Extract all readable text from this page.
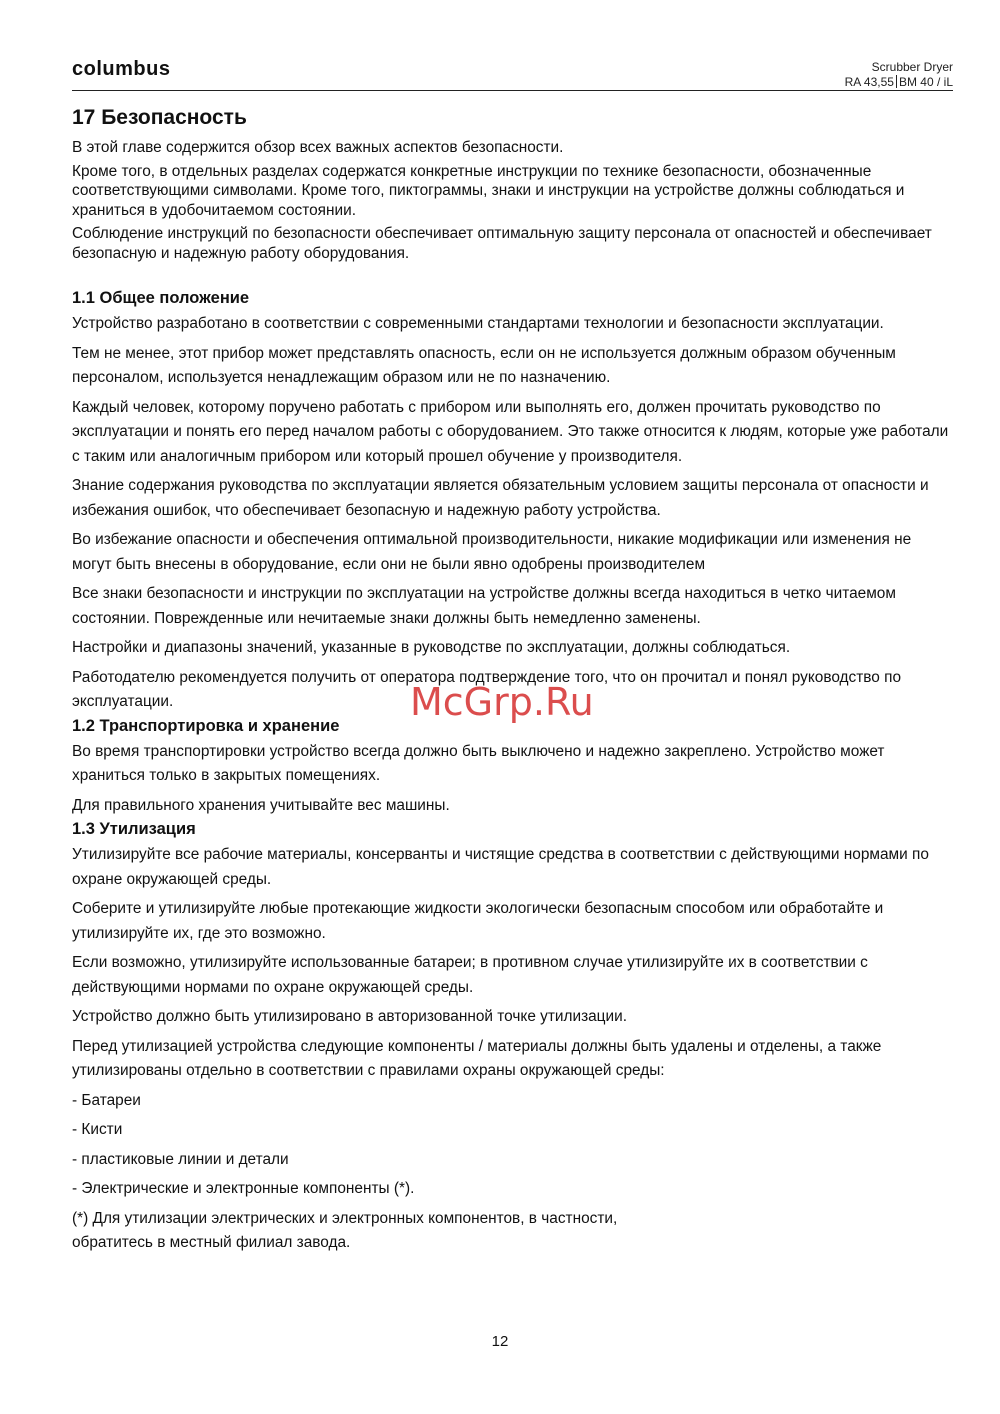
columbus	Scrubber Dryer
RA 43,55 BM 40 / iL
17 Безопасность

В этой главе содержится обзор всех важных аспектов безопасности.

Кроме того, в отдельных разделах содержатся конкретные инструкции по технике безопасности, обозначенные соответствующими символами. Кроме того, пиктограммы, знаки и инструкции на устройстве должны соблюдаться и храниться в удобочитаемом состоянии.

Соблюдение инструкций по безопасности обеспечивает оптимальную защиту персонала от опасностей и обеспечивает безопасную и надежную работу оборудования.

1.1 Общее положение

Устройство разработано в соответствии с современными стандартами технологии и безопасности эксплуатации.

Тем не менее, этот прибор может представлять опасность, если он не используется должным образом обученным персоналом, используется ненадлежащим образом или не по назначению.

Каждый человек, которому поручено работать с прибором или выполнять его, должен прочитать руководство по эксплуатации и понять его перед началом работы с оборудованием. Это также относится к людям, которые уже работали с таким или аналогичным прибором или который прошел обучение у производителя.

Знание содержания руководства по эксплуатации является обязательным условием защиты персонала от опасности и избежания ошибок, что обеспечивает безопасную и надежную работу устройства.

Во избежание опасности и обеспечения оптимальной производительности, никакие модификации или изменения не могут быть внесены в оборудование, если они не были явно одобрены производителем

Все знаки безопасности и инструкции по эксплуатации на устройстве должны всегда находиться в четко читаемом состоянии. Поврежденные или нечитаемые знаки должны быть немедленно заменены.

Настройки и диапазоны значений, указанные в руководстве по эксплуатации, должны соблюдаться.

Работодателю рекомендуется получить от оператора подтверждение того, что он прочитал и понял руководство по эксплуатации.

1.2 Транспортировка и хранение

Во время транспортировки устройство всегда должно быть выключено и надежно закреплено. Устройство может храниться только в закрытых помещениях.

Для правильного хранения учитывайте вес машины.

1.3 Утилизация

Утилизируйте все рабочие материалы, консерванты и чистящие средства в соответствии с действующими нормами по охране окружающей среды.

Соберите и утилизируйте любые протекающие жидкости экологически безопасным способом или обработайте и утилизируйте их, где это возможно.

Если возможно, утилизируйте использованные батареи; в противном случае утилизируйте их в соответствии с действующими нормами по охране окружающей среды.

Устройство должно быть утилизировано в авторизованной точке утилизации.

Перед утилизацией устройства следующие компоненты / материалы должны быть удалены и отделены, а также утилизированы отдельно в соответствии с правилами охраны окружающей среды:

- Батареи

- Кисти

- пластиковые линии и детали

- Электрические и электронные компоненты (*).

(*) Для утилизации электрических и электронных компонентов, в частности,
обратитесь в местный филиал завода.

McGrp.Ru
12
